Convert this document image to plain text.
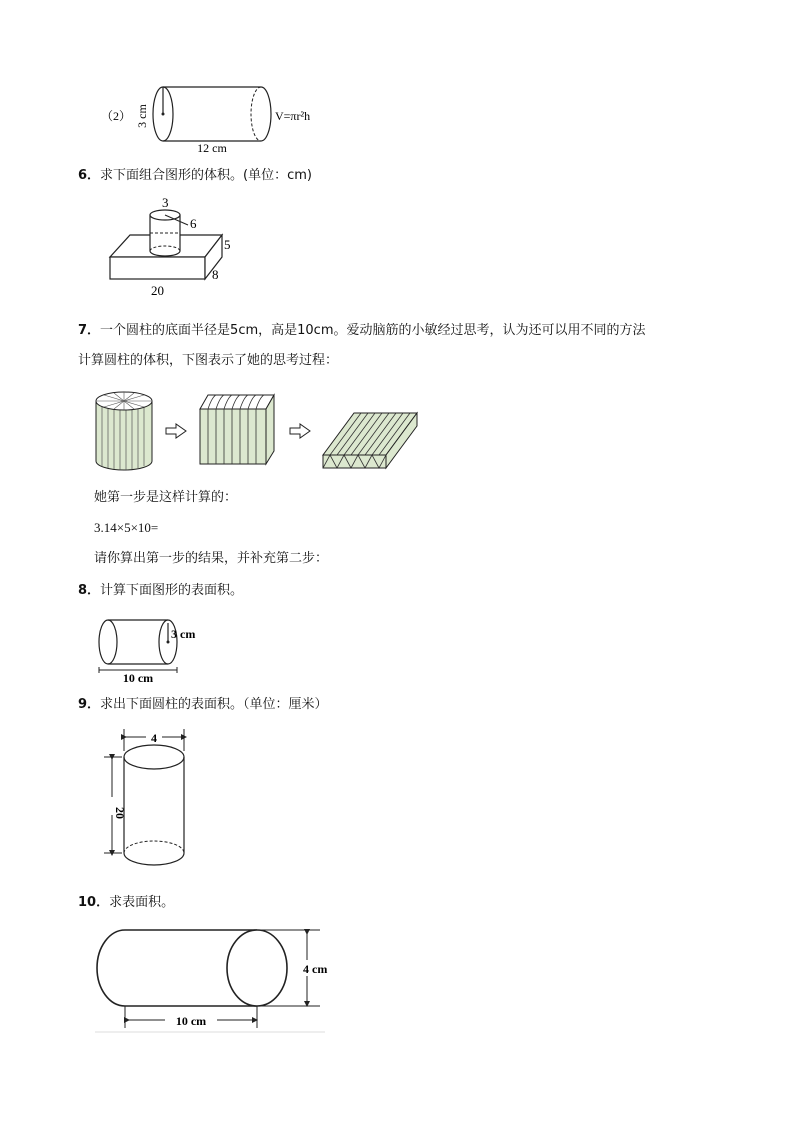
（2） 3 cm
12 cm
V=πr²h
6．求下面组合图形的体积。(单位：cm)
3
6
5
8
20
7．一个圆柱的底面半径是5cm，高是10cm。爱动脑筋的小敏经过思考，认为还可以用不同的方法
计算圆柱的体积，下图表示了她的思考过程：
她第一步是这样计算的：
3.14×5×10=
请你算出第一步的结果，并补充第二步：
8．计算下面图形的表面积。
3 cm
10 cm
9．求出下面圆柱的表面积。（单位：厘米）
4
20
10．求表面积。
4 cm
10 cm
